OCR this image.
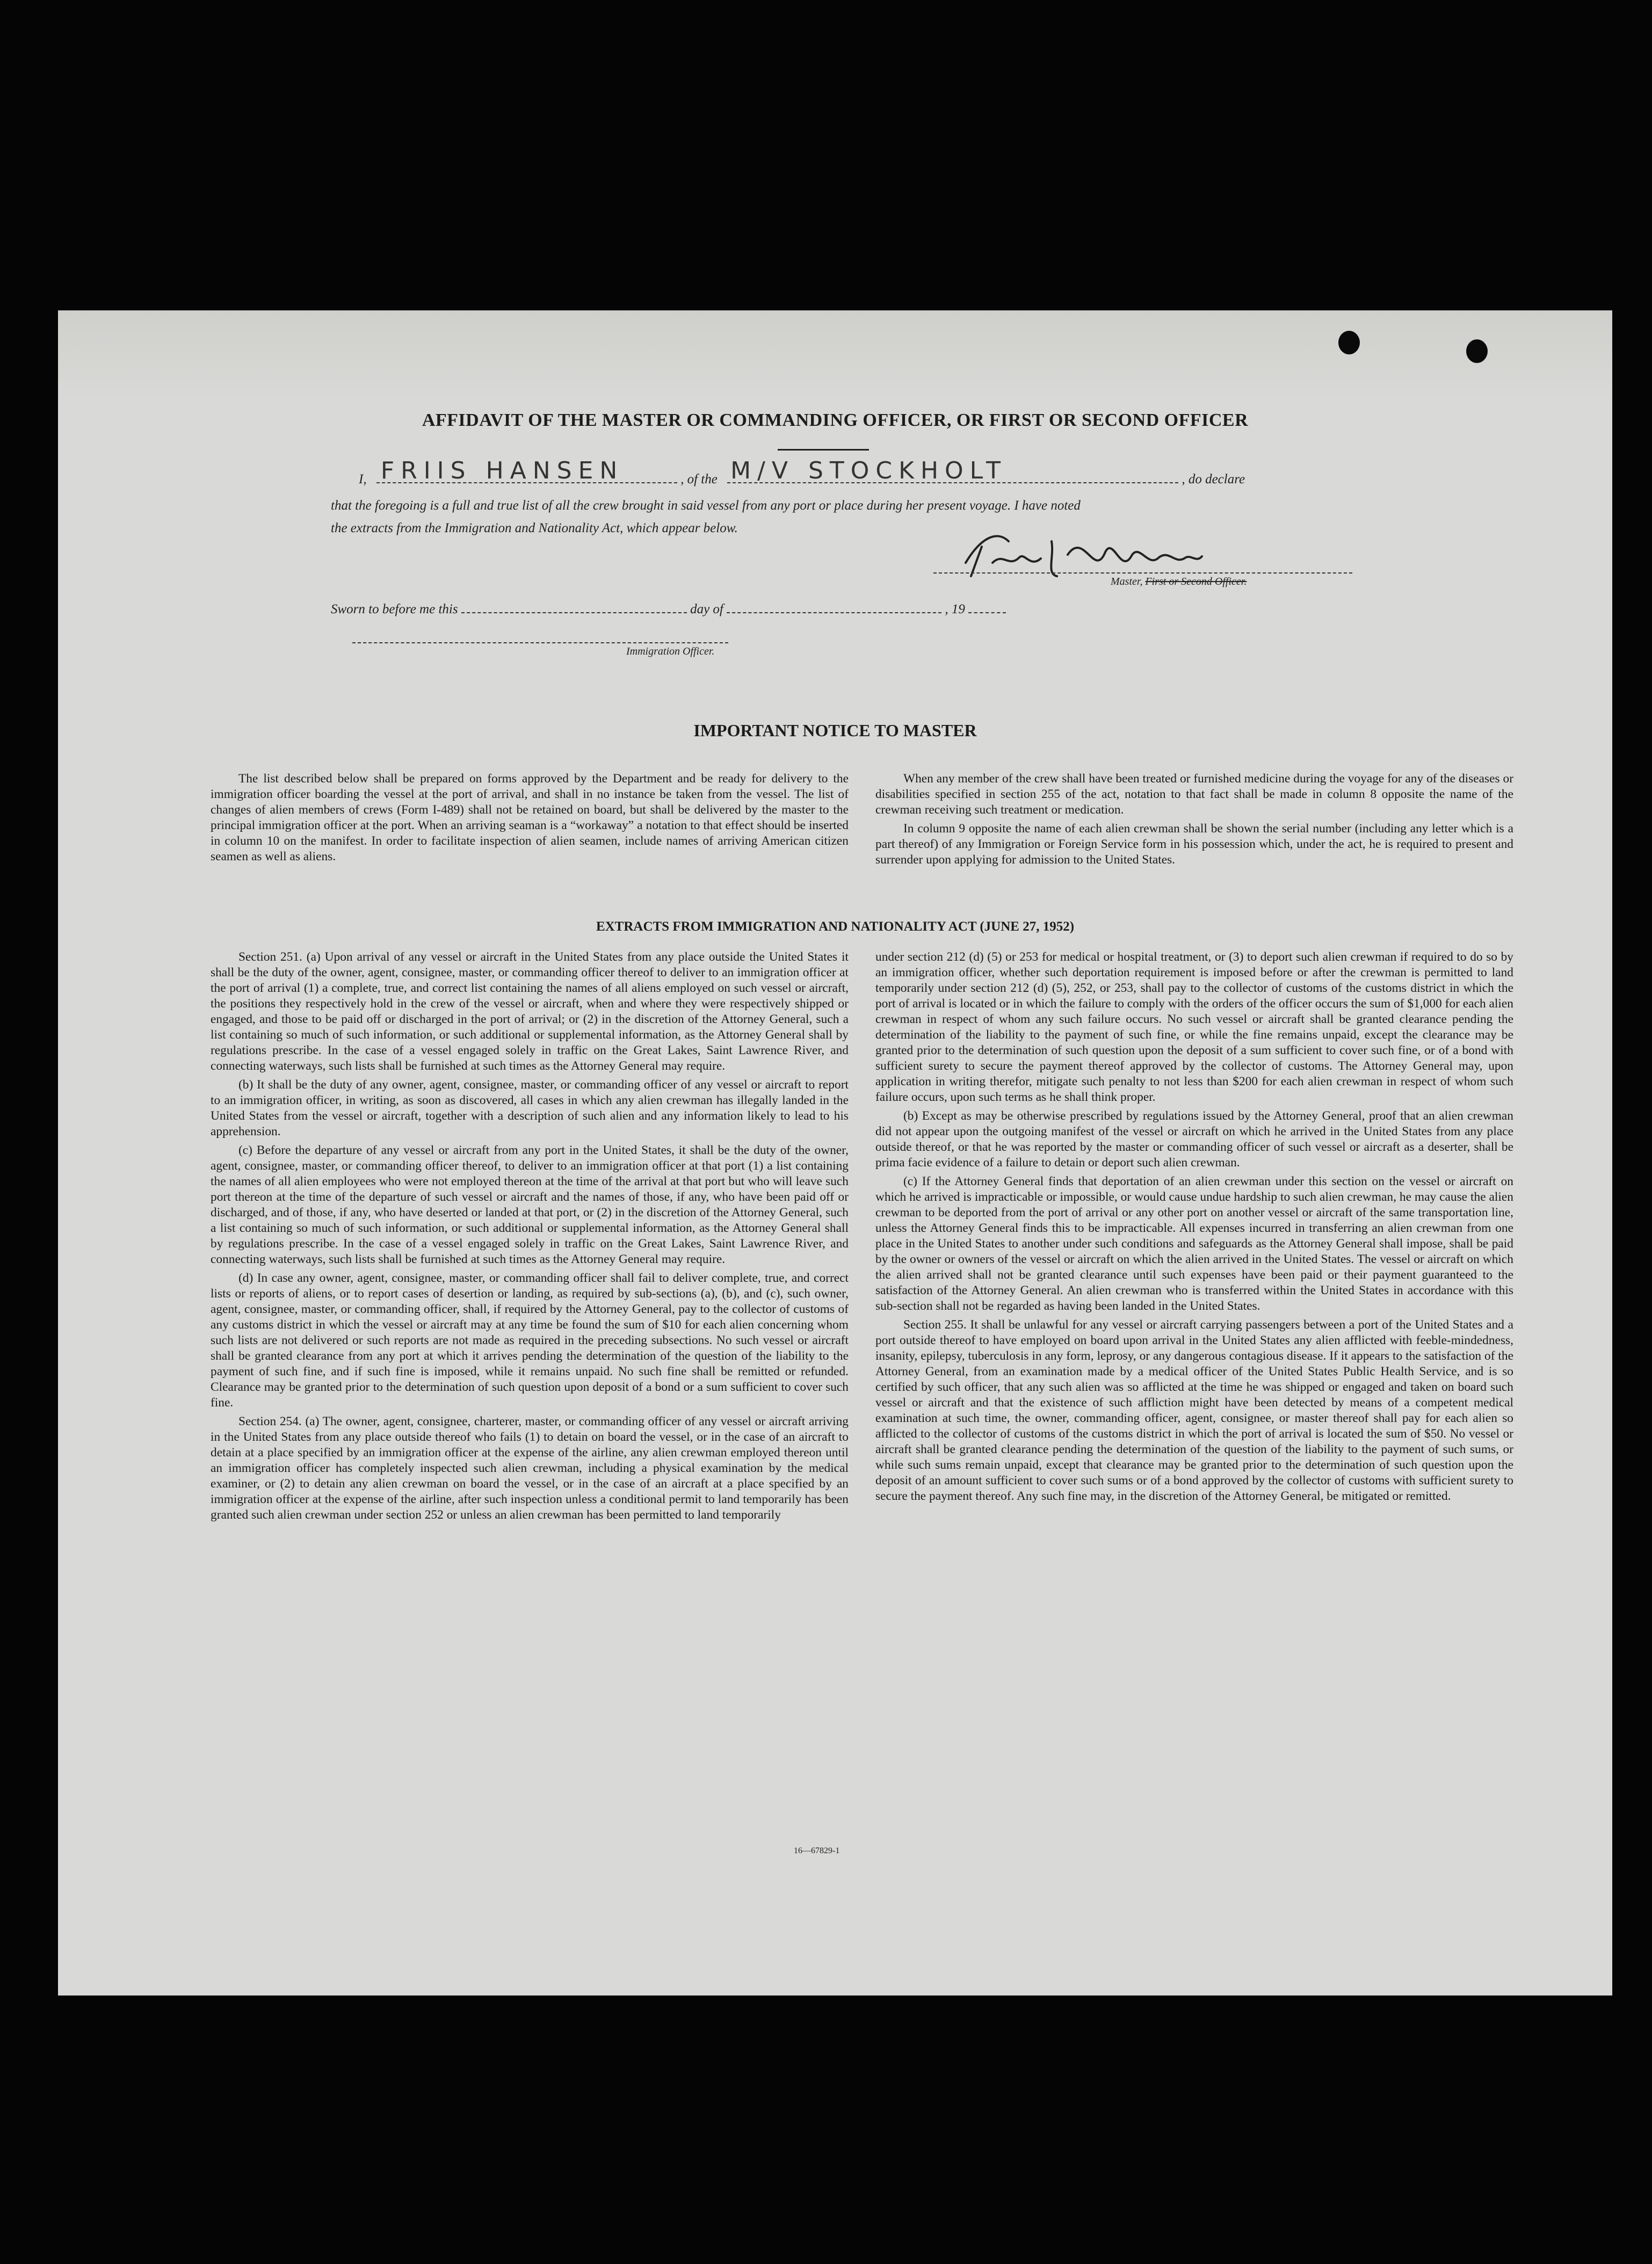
AFFIDAVIT OF THE MASTER OR COMMANDING OFFICER, OR FIRST OR SECOND OFFICER
I, FRIIS HANSEN	, of the M/V STOCKHOLT	, do declare
that the foregoing is a full and true list of all the crew brought in said vessel from any port or place during her present voyage. I have noted
the extracts from the Immigration and Nationality Act, which appear below.
Master, First or Second Officer.
Sworn to before me this	day of	, 19
Immigration Officer.
IMPORTANT NOTICE TO MASTER

The list described below shall be prepared on forms approved by the Department and be ready for delivery to the immigration officer boarding the vessel at the port of arrival, and shall in no instance be taken from the vessel. The list of changes of alien members of crews (Form I-489) shall not be retained on board, but shall be delivered by the master to the principal immigration officer at the port. When an arriving seaman is a “workaway” a notation to that effect should be inserted in column 10 on the manifest. In order to facilitate inspection of alien seamen, include names of arriving American citizen seamen as well as aliens.

When any member of the crew shall have been treated or furnished medicine during the voyage for any of the diseases or disabilities specified in section 255 of the act, notation to that fact shall be made in column 8 opposite the name of the crewman receiving such treatment or medication.

In column 9 opposite the name of each alien crewman shall be shown the serial number (including any letter which is a part thereof) of any Immigration or Foreign Service form in his possession which, under the act, he is required to present and surrender upon applying for admission to the United States.

EXTRACTS FROM IMMIGRATION AND NATIONALITY ACT (JUNE 27, 1952)

Section 251. (a) Upon arrival of any vessel or aircraft in the United States from any place outside the United States it shall be the duty of the owner, agent, consignee, master, or commanding officer thereof to deliver to an immigration officer at the port of arrival (1) a complete, true, and correct list containing the names of all aliens employed on such vessel or aircraft, the positions they respectively hold in the crew of the vessel or aircraft, when and where they were respectively shipped or engaged, and those to be paid off or discharged in the port of arrival; or (2) in the discretion of the Attorney General, such a list containing so much of such information, or such additional or supplemental information, as the Attorney General shall by regulations prescribe. In the case of a vessel engaged solely in traffic on the Great Lakes, Saint Lawrence River, and connecting waterways, such lists shall be furnished at such times as the Attorney General may require.

(b) It shall be the duty of any owner, agent, consignee, master, or commanding officer of any vessel or aircraft to report to an immigration officer, in writing, as soon as discovered, all cases in which any alien crewman has illegally landed in the United States from the vessel or aircraft, together with a description of such alien and any information likely to lead to his apprehension.

(c) Before the departure of any vessel or aircraft from any port in the United States, it shall be the duty of the owner, agent, consignee, master, or commanding officer thereof, to deliver to an immigration officer at that port (1) a list containing the names of all alien employees who were not employed thereon at the time of the arrival at that port but who will leave such port thereon at the time of the departure of such vessel or aircraft and the names of those, if any, who have been paid off or discharged, and of those, if any, who have deserted or landed at that port, or (2) in the discretion of the Attorney General, such a list containing so much of such information, or such additional or supplemental information, as the Attorney General shall by regulations prescribe. In the case of a vessel engaged solely in traffic on the Great Lakes, Saint Lawrence River, and connecting waterways, such lists shall be furnished at such times as the Attorney General may require.

(d) In case any owner, agent, consignee, master, or commanding officer shall fail to deliver complete, true, and correct lists or reports of aliens, or to report cases of desertion or landing, as required by sub-sections (a), (b), and (c), such owner, agent, consignee, master, or commanding officer, shall, if required by the Attorney General, pay to the collector of customs of any customs district in which the vessel or aircraft may at any time be found the sum of $10 for each alien concerning whom such lists are not delivered or such reports are not made as required in the preceding subsections. No such vessel or aircraft shall be granted clearance from any port at which it arrives pending the determination of the question of the liability to the payment of such fine, and if such fine is imposed, while it remains unpaid. No such fine shall be remitted or refunded. Clearance may be granted prior to the determination of such question upon deposit of a bond or a sum sufficient to cover such fine.

Section 254. (a) The owner, agent, consignee, charterer, master, or commanding officer of any vessel or aircraft arriving in the United States from any place outside thereof who fails (1) to detain on board the vessel, or in the case of an aircraft to detain at a place specified by an immigration officer at the expense of the airline, any alien crewman employed thereon until an immigration officer has completely inspected such alien crewman, including a physical examination by the medical examiner, or (2) to detain any alien crewman on board the vessel, or in the case of an aircraft at a place specified by an immigration officer at the expense of the airline, after such inspection unless a conditional permit to land temporarily has been granted such alien crewman under section 252 or unless an alien crewman has been permitted to land temporarily

under section 212 (d) (5) or 253 for medical or hospital treatment, or (3) to deport such alien crewman if required to do so by an immigration officer, whether such deportation requirement is imposed before or after the crewman is permitted to land temporarily under section 212 (d) (5), 252, or 253, shall pay to the collector of customs of the customs district in which the port of arrival is located or in which the failure to comply with the orders of the officer occurs the sum of $1,000 for each alien crewman in respect of whom any such failure occurs. No such vessel or aircraft shall be granted clearance pending the determination of the liability to the payment of such fine, or while the fine remains unpaid, except the clearance may be granted prior to the determination of such question upon the deposit of a sum sufficient to cover such fine, or of a bond with sufficient surety to secure the payment thereof approved by the collector of customs. The Attorney General may, upon application in writing therefor, mitigate such penalty to not less than $200 for each alien crewman in respect of whom such failure occurs, upon such terms as he shall think proper.

(b) Except as may be otherwise prescribed by regulations issued by the Attorney General, proof that an alien crewman did not appear upon the outgoing manifest of the vessel or aircraft on which he arrived in the United States from any place outside thereof, or that he was reported by the master or commanding officer of such vessel or aircraft as a deserter, shall be prima facie evidence of a failure to detain or deport such alien crewman.

(c) If the Attorney General finds that deportation of an alien crewman under this section on the vessel or aircraft on which he arrived is impracticable or impossible, or would cause undue hardship to such alien crewman, he may cause the alien crewman to be deported from the port of arrival or any other port on another vessel or aircraft of the same transportation line, unless the Attorney General finds this to be impracticable. All expenses incurred in transferring an alien crewman from one place in the United States to another under such conditions and safeguards as the Attorney General shall impose, shall be paid by the owner or owners of the vessel or aircraft on which the alien arrived in the United States. The vessel or aircraft on which the alien arrived shall not be granted clearance until such expenses have been paid or their payment guaranteed to the satisfaction of the Attorney General. An alien crewman who is transferred within the United States in accordance with this sub-section shall not be regarded as having been landed in the United States.

Section 255. It shall be unlawful for any vessel or aircraft carrying passengers between a port of the United States and a port outside thereof to have employed on board upon arrival in the United States any alien afflicted with feeble-mindedness, insanity, epilepsy, tuberculosis in any form, leprosy, or any dangerous contagious disease. If it appears to the satisfaction of the Attorney General, from an examination made by a medical officer of the United States Public Health Service, and is so certified by such officer, that any such alien was so afflicted at the time he was shipped or engaged and taken on board such vessel or aircraft and that the existence of such affliction might have been detected by means of a competent medical examination at such time, the owner, commanding officer, agent, consignee, or master thereof shall pay for each alien so afflicted to the collector of customs of the customs district in which the port of arrival is located the sum of $50. No vessel or aircraft shall be granted clearance pending the determination of the question of the liability to the payment of such sums, or while such sums remain unpaid, except that clearance may be granted prior to the determination of such question upon the deposit of an amount sufficient to cover such sums or of a bond approved by the collector of customs with sufficient surety to secure the payment thereof. Any such fine may, in the discretion of the Attorney General, be mitigated or remitted.

16—67829-1
